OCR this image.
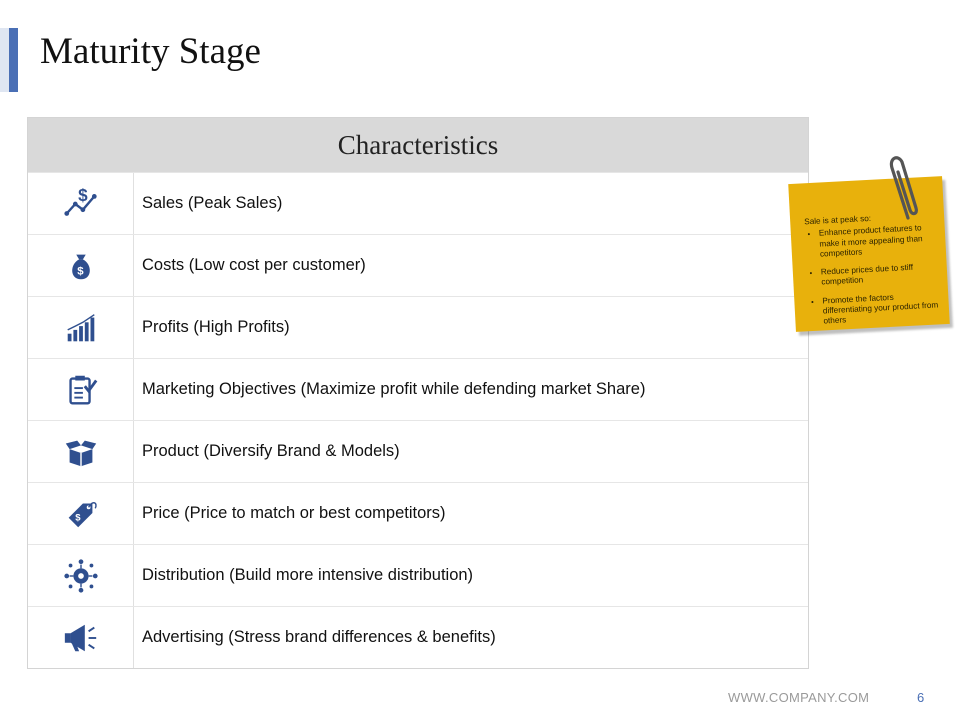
Maturity Stage
Characteristics
$	Sales (Peak Sales)
$	Costs (Low cost per customer)
Profits (High Profits)
Marketing Objectives (Maximize profit while defending market Share)
Product (Diversify Brand & Models)
$	Price (Price to match or best competitors)
Distribution (Build more intensive distribution)
Advertising (Stress brand differences & benefits)
Sale is at peak so:
• Enhance product features to make it more appealing than competitors
• Reduce prices due to stiff competition
• Promote the factors differentiating your product from others
WWW.COMPANY.COM	6
